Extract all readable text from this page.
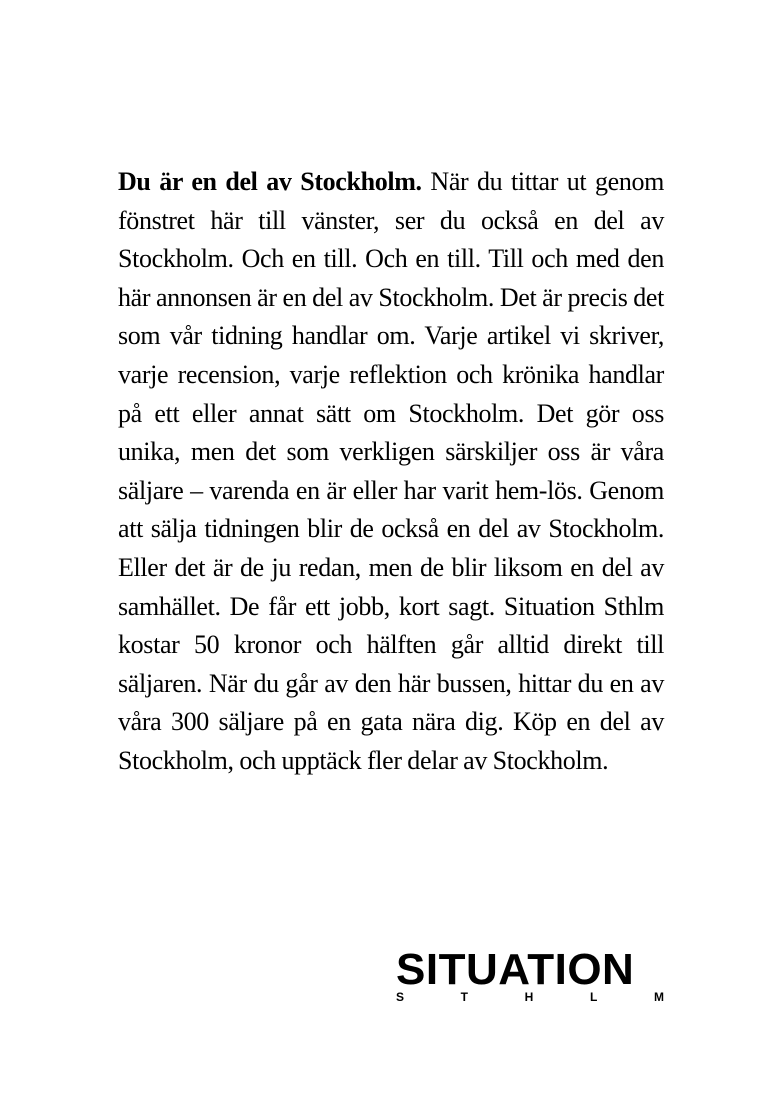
Du är en del av Stockholm. När du tittar ut genom fönstret här till vänster, ser du också en del av Stockholm. Och en till. Och en till. Till och med den här annonsen är en del av Stockholm. Det är precis det som vår tidning handlar om. Varje artikel vi skriver, varje recension, varje reflektion och krönika handlar på ett eller annat sätt om Stockholm. Det gör oss unika, men det som verkligen särskiljer oss är våra säljare – varenda en är eller har varit hem-lös. Genom att sälja tidningen blir de också en del av Stockholm. Eller det är de ju redan, men de blir liksom en del av samhället. De får ett jobb, kort sagt. Situation Sthlm kostar 50 kronor och hälften går alltid direkt till säljaren. När du går av den här bussen, hittar du en av våra 300 säljare på en gata nära dig. Köp en del av Stockholm, och upptäck fler delar av Stockholm.

SITUATION
S	T	H	L	M
